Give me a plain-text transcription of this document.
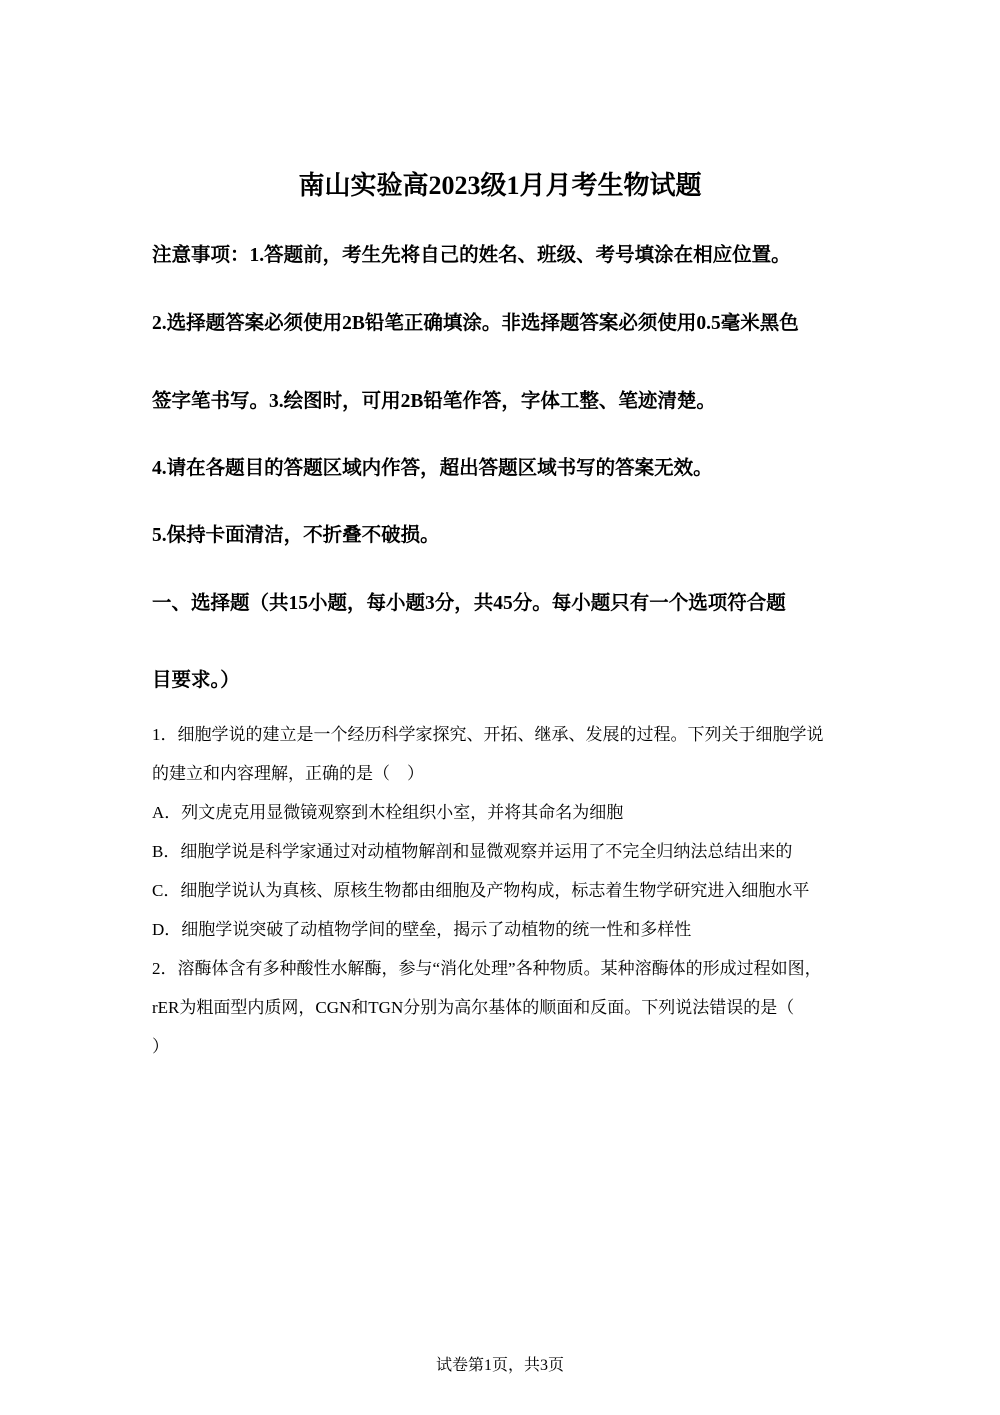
南山实验高2023级1月月考生物试题
注意事项：1.答题前，考生先将自己的姓名、班级、考号填涂在相应位置。
2.选择题答案必须使用2B铅笔正确填涂。非选择题答案必须使用0.5毫米黑色
签字笔书写。3.绘图时，可用2B铅笔作答，字体工整、笔迹清楚。
4.请在各题目的答题区域内作答，超出答题区域书写的答案无效。
5.保持卡面清洁，不折叠不破损。
一、选择题（共15小题，每小题3分，共45分。每小题只有一个选项符合题
目要求。）
1．细胞学说的建立是一个经历科学家探究、开拓、继承、发展的过程。下列关于细胞学说
的建立和内容理解，正确的是（　）
A．列文虎克用显微镜观察到木栓组织小室，并将其命名为细胞
B．细胞学说是科学家通过对动植物解剖和显微观察并运用了不完全归纳法总结出来的
C．细胞学说认为真核、原核生物都由细胞及产物构成，标志着生物学研究进入细胞水平
D．细胞学说突破了动植物学间的壁垒，揭示了动植物的统一性和多样性
2．溶酶体含有多种酸性水解酶，参与“消化处理”各种物质。某种溶酶体的形成过程如图，
rER为粗面型内质网，CGN和TGN分别为高尔基体的顺面和反面。下列说法错误的是（
）
试卷第1页，共3页
